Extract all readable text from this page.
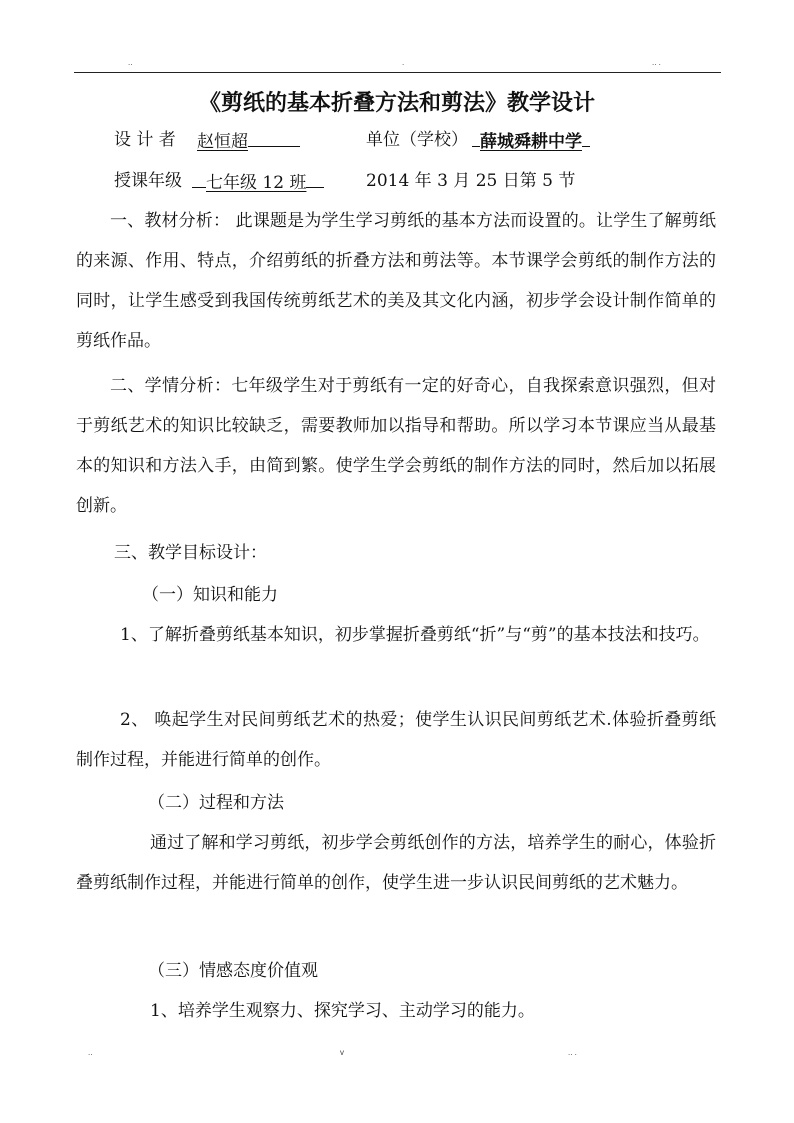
..	.	.. .
《剪纸的基本折叠方法和剪法》教学设计
设 计 者 赵恒超	单位（学校） 薛城舜耕中学
授课年级	七年级 12 班	2014 年 3 月 25 日第 5 节

一、教材分析： 此课题是为学生学习剪纸的基本方法而设置的。让学生了解剪纸的来源、作用、特点，介绍剪纸的折叠方法和剪法等。本节课学会剪纸的制作方法的同时，让学生感受到我国传统剪纸艺术的美及其文化内涵，初步学会设计制作简单的剪纸作品。

二、学情分析：七年级学生对于剪纸有一定的好奇心，自我探索意识强烈，但对于剪纸艺术的知识比较缺乏，需要教师加以指导和帮助。所以学习本节课应当从最基本的知识和方法入手，由简到繁。使学生学会剪纸的制作方法的同时，然后加以拓展创新。

三、教学目标设计：
（一）知识和能力

1、了解折叠剪纸基本知识，初步掌握折叠剪纸“折”与“剪”的基本技法和技巧。

2、 唤起学生对民间剪纸艺术的热爱；使学生认识民间剪纸艺术.体验折叠剪纸制作过程，并能进行简单的创作。

（二）过程和方法

通过了解和学习剪纸，初步学会剪纸创作的方法，培养学生的耐心，体验折叠剪纸制作过程，并能进行简单的创作，使学生进一步认识民间剪纸的艺术魅力。

（三）情感态度价值观
1、培养学生观察力、探究学习、主动学习的能力。
..	v	.. .
